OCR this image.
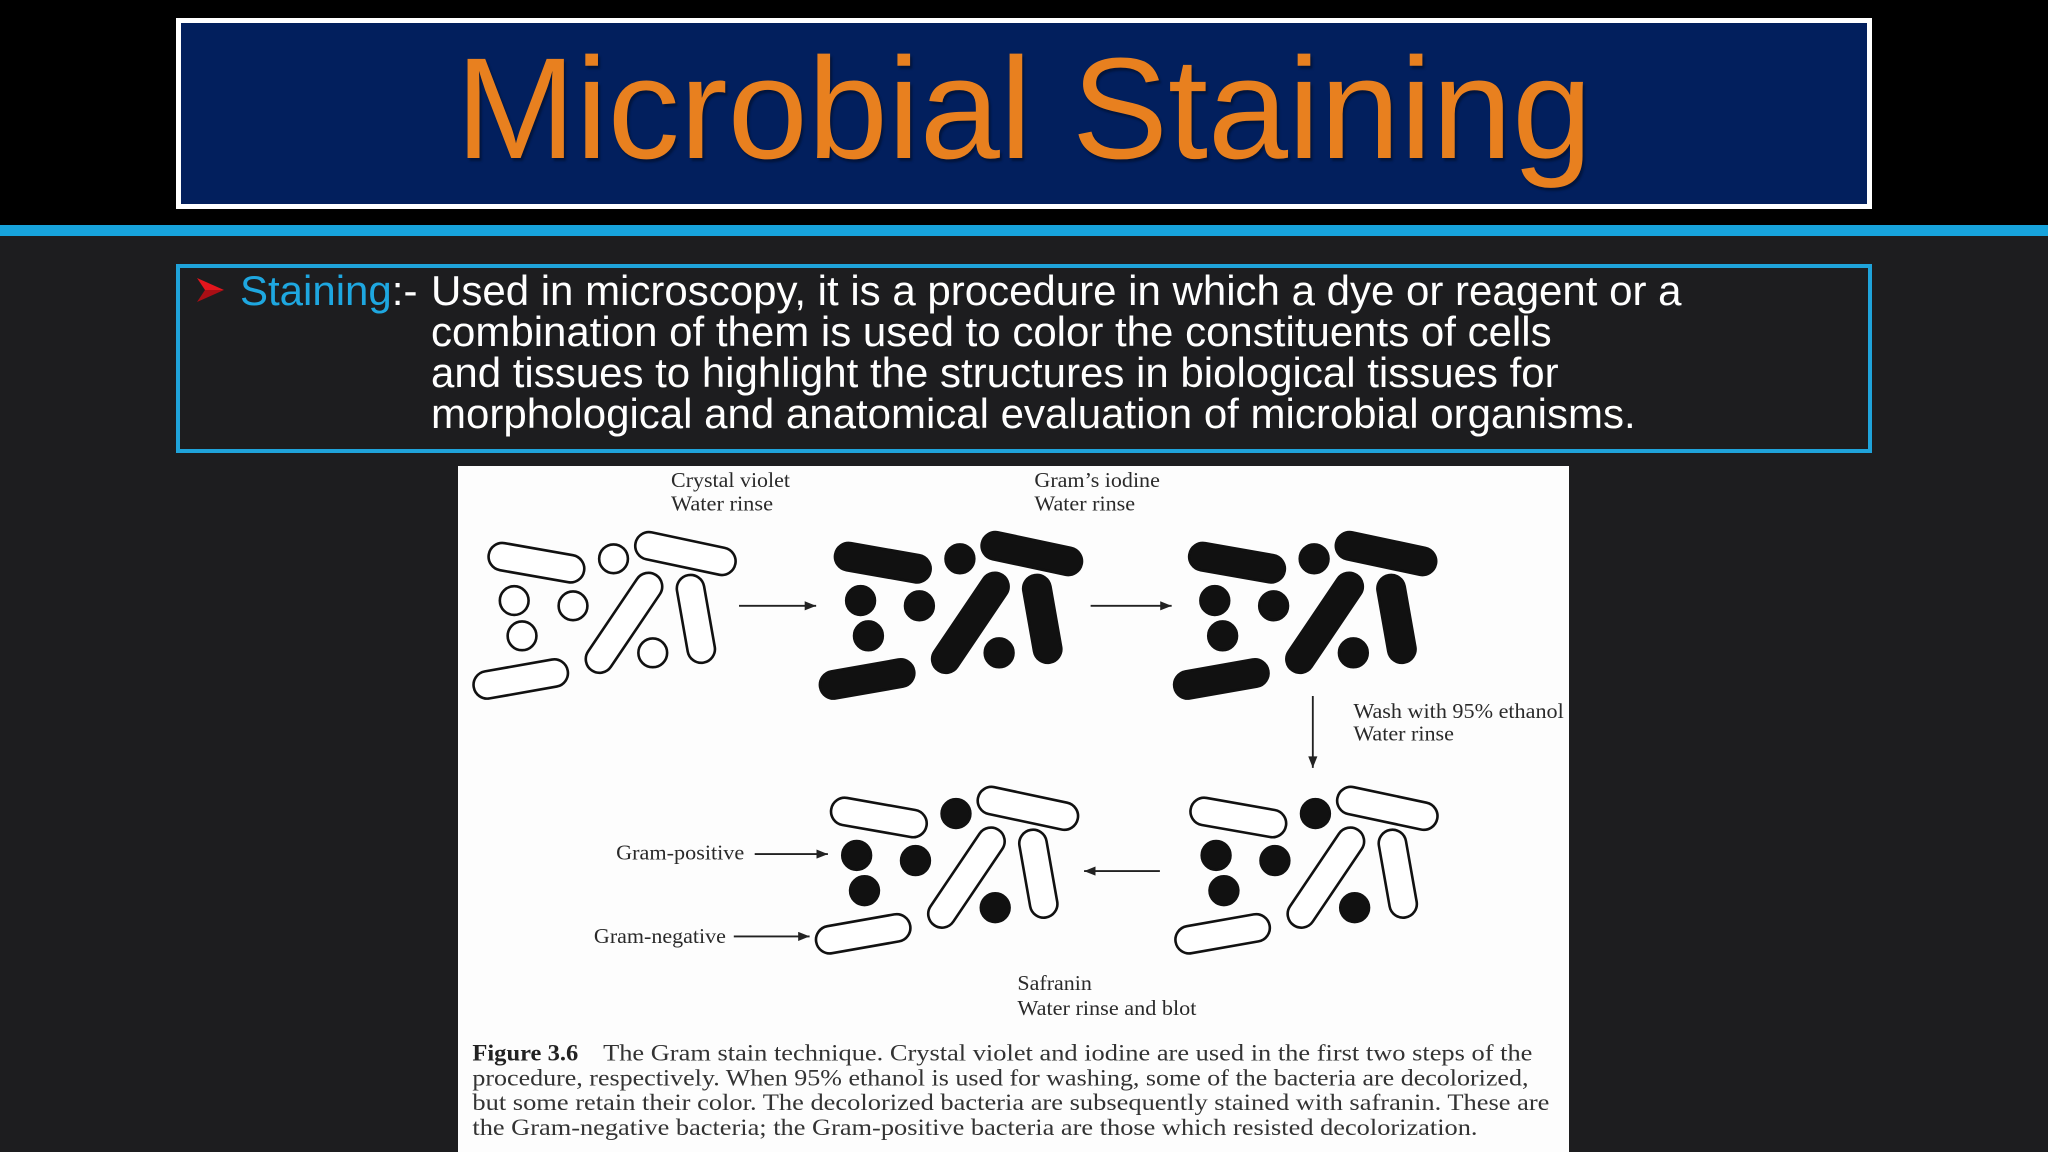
Microbial Staining
Staining:- Used in microscopy, it is a procedure in which a dye or reagent or a
combination of them is used to color the constituents of cells
and tissues to highlight the structures in biological tissues for
morphological and anatomical evaluation of microbial organisms.
Crystal violet
Water rinse
Gram’s iodine
Water rinse
Wash with 95% ethanol
Water rinse
Safranin
Water rinse and blot
Gram-positive
Gram-negative
Figure 3.6 The Gram stain technique. Crystal violet and iodine are used in the first two steps of the
procedure, respectively. When 95% ethanol is used for washing, some of the bacteria are decolorized,
but some retain their color. The decolorized bacteria are subsequently stained with safranin. These are
the Gram-negative bacteria; the Gram-positive bacteria are those which resisted decolorization.
